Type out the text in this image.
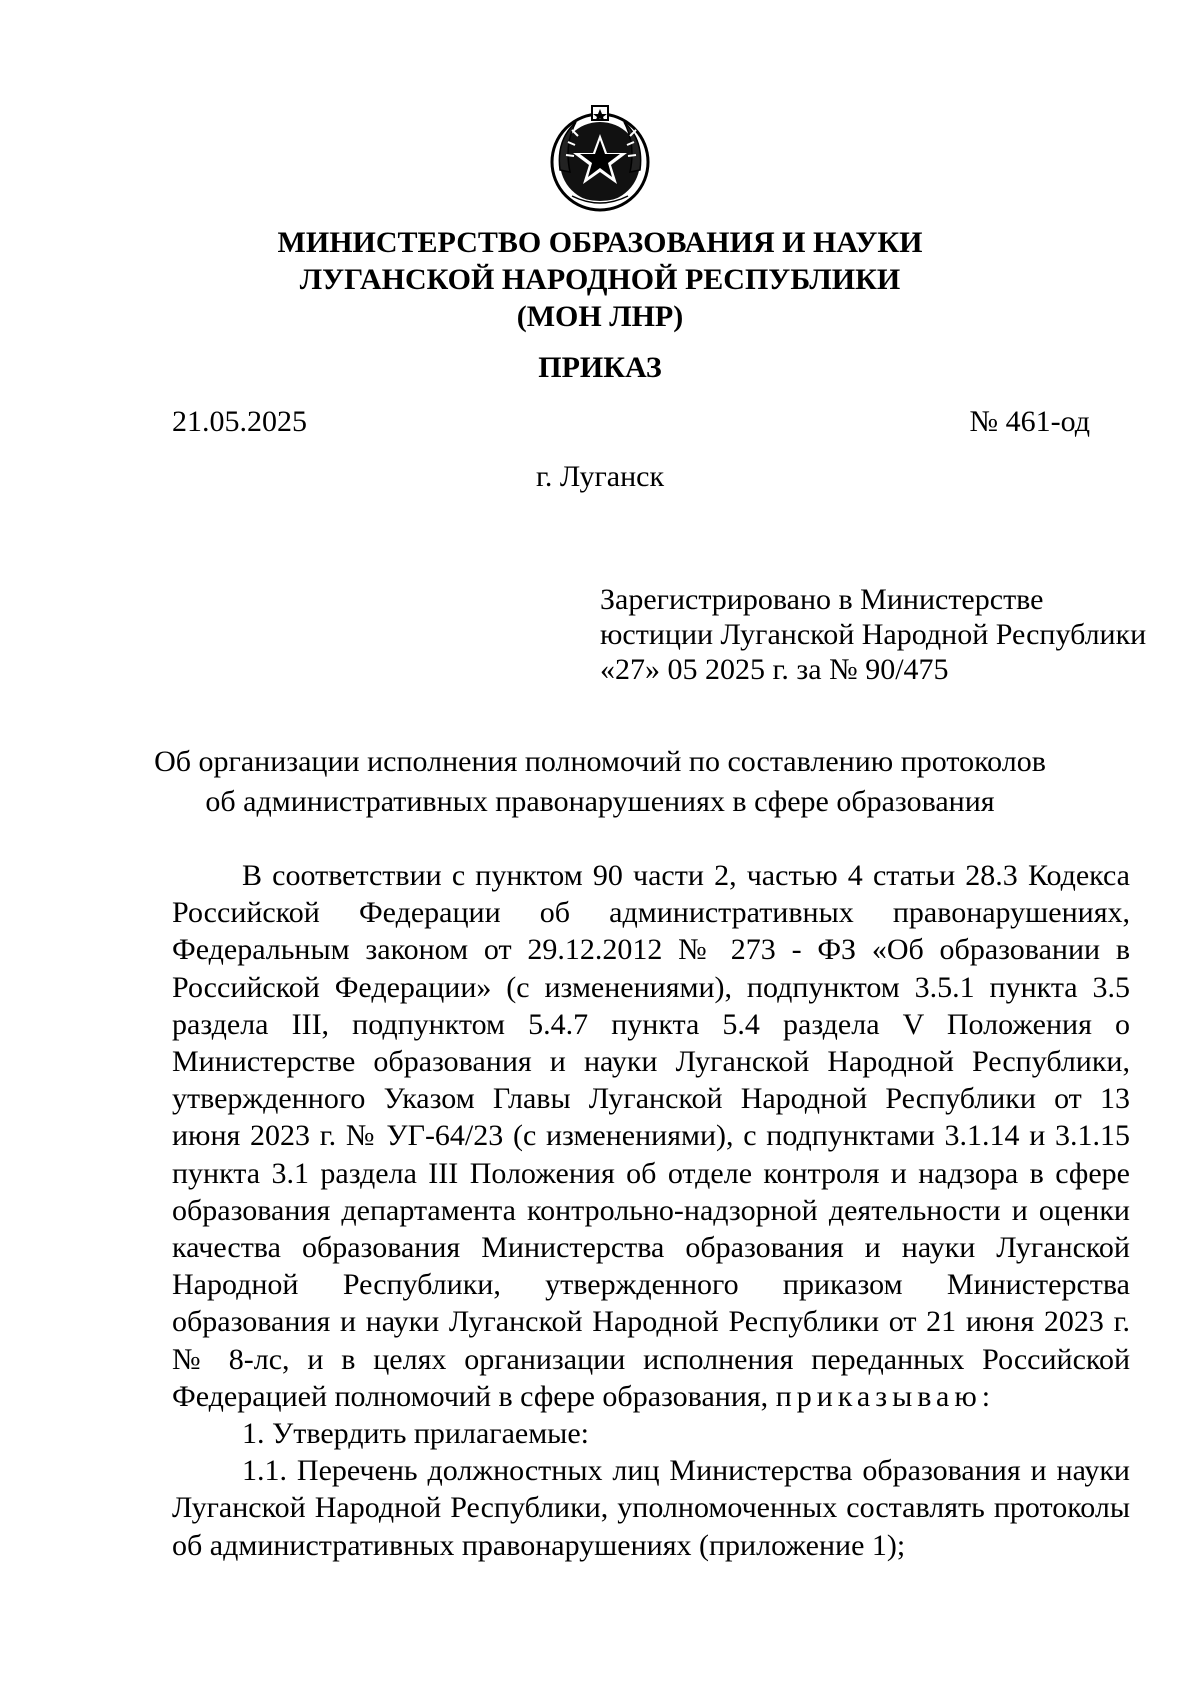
МИНИСТЕРСТВО ОБРАЗОВАНИЯ И НАУКИ
ЛУГАНСКОЙ НАРОДНОЙ РЕСПУБЛИКИ
(МОН ЛНР)
ПРИКАЗ
21.05.2025	№ 461-од
г. Луганск
Зарегистрировано в Министерстве
юстиции Луганской Народной Республики
«27» 05 2025 г. за № 90/475
Об организации исполнения полномочий по составлению протоколов
об административных правонарушениях в сфере образования

В соответствии с пунктом 90 части 2, частью 4 статьи 28.3 Кодекса Российской Федерации об административных правонарушениях, Федеральным законом от 29.12.2012 № 273 - ФЗ «Об образовании в Российской Федерации» (с изменениями), подпунктом 3.5.1 пункта 3.5 раздела III, подпунктом 5.4.7 пункта 5.4 раздела V Положения о Министерстве образования и науки Луганской Народной Республики, утвержденного Указом Главы Луганской Народной Республики от 13 июня 2023 г. № УГ-64/23 (с изменениями), с подпунктами 3.1.14 и 3.1.15 пункта 3.1 раздела III Положения об отделе контроля и надзора в сфере образования департамента контрольно-надзорной деятельности и оценки качества образования Министерства образования и науки Луганской Народной Республики, утвержденного приказом Министерства образования и науки Луганской Народной Республики от 21 июня 2023 г. № 8-лс, и в целях организации исполнения переданных Российской Федерацией полномочий в сфере образования, приказываю:

1. Утвердить прилагаемые:

1.1. Перечень должностных лиц Министерства образования и науки Луганской Народной Республики, уполномоченных составлять протоколы об административных правонарушениях (приложение 1);
